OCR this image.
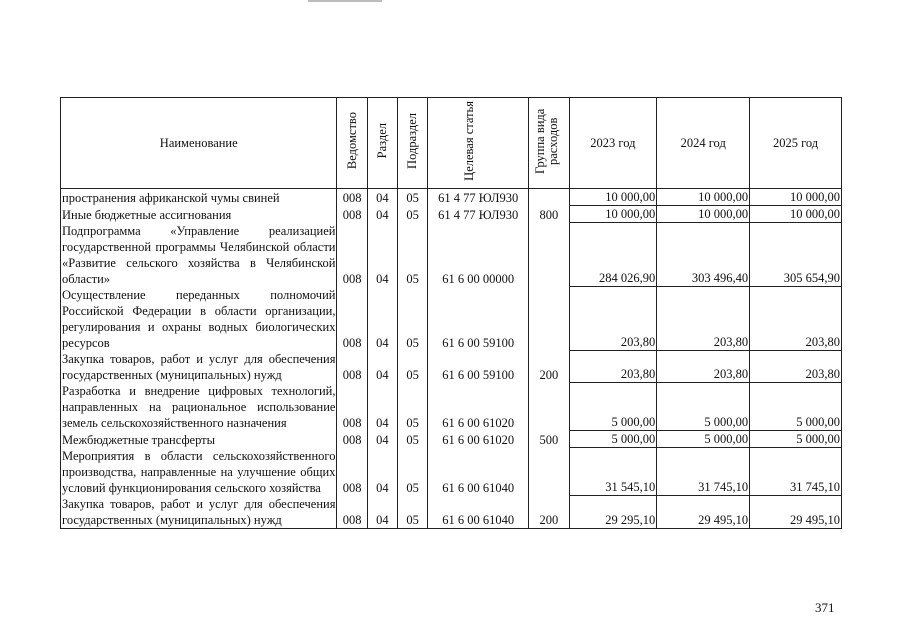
Наименование	Ведомство	Раздел	Подраздел	Целевая статья	Группа вида расходов	2023 год	2024 год	2025 год
пространения африканской чумы свиней	008	04	05	61 4 77 ЮЛ930		10 000,00	10 000,00	10 000,00
Иные бюджетные ассигнования	008	04	05	61 4 77 ЮЛ930	800	10 000,00	10 000,00	10 000,00
Подпрограмма «Управление реализацией государственной программы Челябинской области «Развитие сельского хозяйства в Челябинской области»	008	04	05	61 6 00 00000		284 026,90	303 496,40	305 654,90
Осуществление переданных полномочий Российской Федерации в области организации, регулирования и охраны водных биологических ресурсов	008	04	05	61 6 00 59100		203,80	203,80	203,80
Закупка товаров, работ и услуг для обеспечения государственных (муниципальных) нужд	008	04	05	61 6 00 59100	200	203,80	203,80	203,80
Разработка и внедрение цифровых технологий, направленных на рациональное использование земель сельскохозяйственного назначения	008	04	05	61 6 00 61020		5 000,00	5 000,00	5 000,00
Межбюджетные трансферты	008	04	05	61 6 00 61020	500	5 000,00	5 000,00	5 000,00
Мероприятия в области сельскохозяйственного производства, направленные на улучшение общих условий функционирования сельского хозяйства	008	04	05	61 6 00 61040		31 545,10	31 745,10	31 745,10
Закупка товаров, работ и услуг для обеспечения государственных (муниципальных) нужд	008	04	05	61 6 00 61040	200	29 295,10	29 495,10	29 495,10
371
